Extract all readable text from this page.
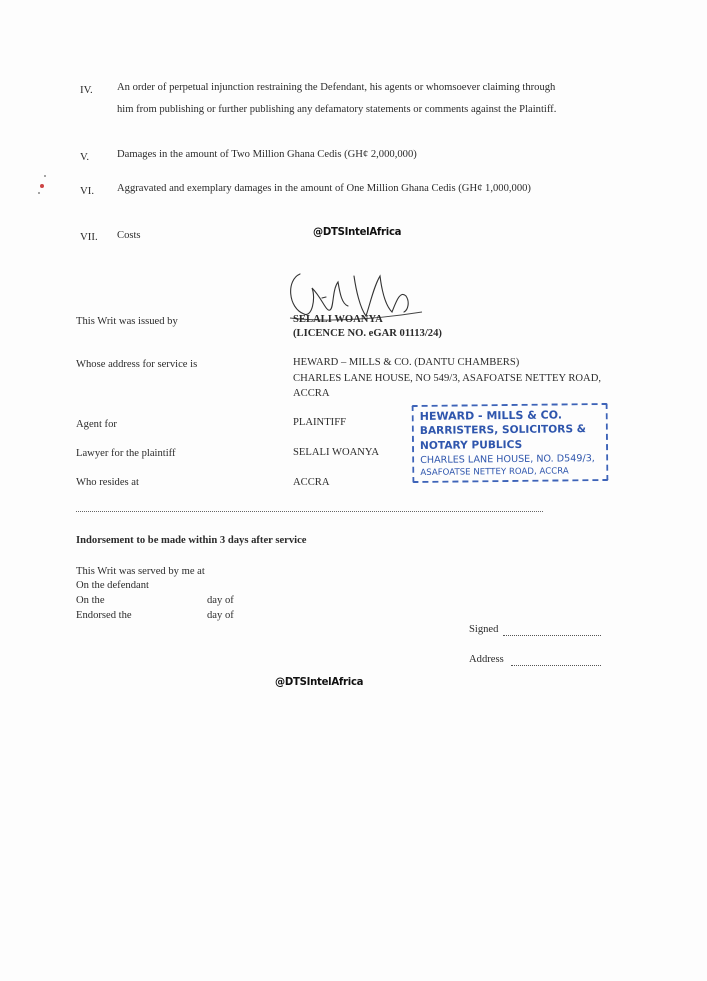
IV. An order of perpetual injunction restraining the Defendant, his agents or whomsoever claiming through
him from publishing or further publishing any defamatory statements or comments against the Plaintiff.
V.	Damages in the amount of Two Million Ghana Cedis (GH¢ 2,000,000)
VI. Aggravated and exemplary damages in the amount of One Million Ghana Cedis (GH¢ 1,000,000)
VII. Costs	@DTSIntelAfrica
This Writ was issued by	SELALI WOANYA
(LICENCE NO. eGAR 01113/24)
Whose address for service is	HEWARD – MILLS & CO. (DANTU CHAMBERS)
CHARLES LANE HOUSE, NO 549/3, ASAFOATSE NETTEY ROAD,
ACCRA
Agent for	PLAINTIFF
Lawyer for the plaintiff	SELALI WOANYA
Who resides at	ACCRA
HEWARD - MILLS & CO.
BARRISTERS, SOLICITORS &
NOTARY PUBLICS
CHARLES LANE HOUSE, NO. D549/3,
ASAFOATSE NETTEY ROAD, ACCRA
Indorsement to be made within 3 days after service
This Writ was served by me at
On the defendant
On the	day of
Endorsed the	day of
Signed
Address
@DTSIntelAfrica
